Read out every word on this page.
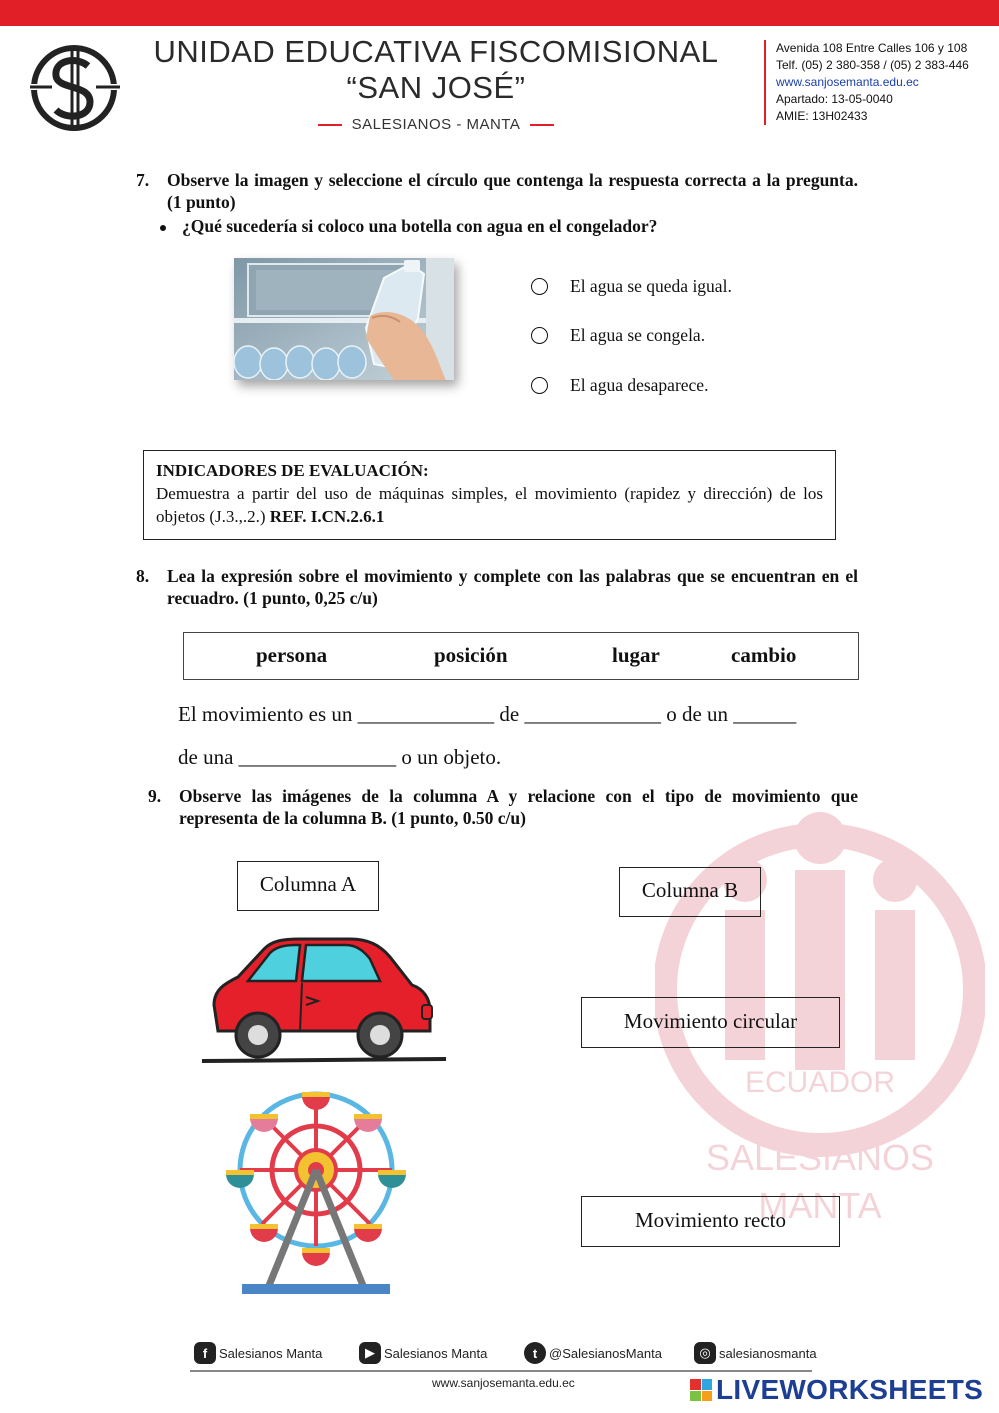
UNIDAD EDUCATIVA FISCOMISIONAL
“SAN JOSÉ”
SALESIANOS - MANTA
Avenida 108 Entre Calles 106 y 108
Telf. (05) 2 380-358 / (05) 2 383-446
www.sanjosemanta.edu.ec
Apartado: 13-05-0040
AMIE: 13H02433
7. Observe la imagen y seleccione el círculo que contenga la respuesta correcta a la pregunta. (1 punto)
¿Qué sucedería si coloco una botella con agua en el congelador?
El agua se queda igual.
El agua se congela.
El agua desaparece.
INDICADORES DE EVALUACIÓN:
Demuestra a partir del uso de máquinas simples, el movimiento (rapidez y dirección) de los objetos (J.3.,.2.) REF. I.CN.2.6.1
8. Lea la expresión sobre el movimiento y complete con las palabras que se encuentran en el recuadro. (1 punto, 0,25 c/u)
persona	posición	lugar	cambio
El movimiento es un _____________ de _____________ o de un ______
de una _______________ o un objeto.
9. Observe las imágenes de la columna A y relacione con el tipo de movimiento que representa de la columna B. (1 punto, 0.50 c/u)
ECUADOR
SALESIANOS
MANTA
Columna A	Columna B
Movimiento circular
Movimiento recto
f Salesianos Manta	▶ Salesianos Manta	t @SalesianosManta	◎ salesianosmanta
www.sanjosemanta.edu.ec	LIVEWORKSHEETS
